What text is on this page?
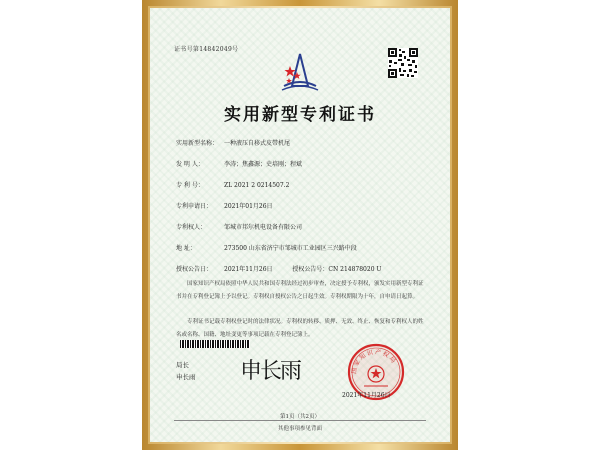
证书号第14842049号
实用新型专利证书
实用新型名称： 一种液压自移式皮带机尾
发 明 人：	李涛；焦鑫源；史培刚；程斌
专 利 号：	ZL 2021 2 0214507.2
专利申请日： 2021年01月26日
专利权人：	邹城市邦尔机电设备有限公司
地 址：	273500 山东省济宁市邹城市工业园区三兴路中段
授权公告日： 2021年11月26日	授权公告号：CN 214878020 U
国家知识产权局依照中华人民共和国专利法经过初步审查，决定授予专利权，颁发实用新型专利证书并在专利登记簿上予以登记。专利权自授权公告之日起生效。专利权期限为十年，自申请日起算。
专利证书记载专利权登记时的法律状况。专利权的转移、质押、无效、终止、恢复和专利权人的姓名或名称、国籍、地址变更等事项记载在专利登记簿上。
局长
申长雨 申长雨	国家知识产权局
2021年11月26日
第1页（共2页）
其他事项参见背面
